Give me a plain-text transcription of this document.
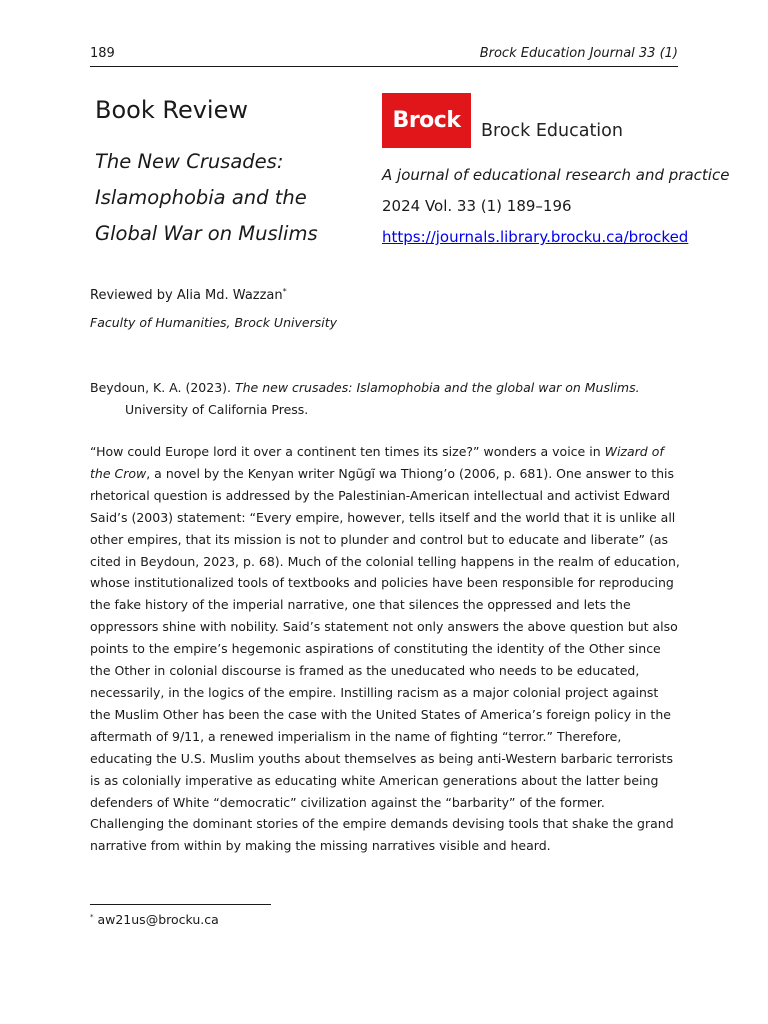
189	Brock Education Journal 33 (1)
Book Review
The New Crusades: Islamophobia and the Global War on Muslims
Brock Brock Education
A journal of educational research and practice
2024 Vol. 33 (1) 189–196
https://journals.library.brocku.ca/brocked
Reviewed by Alia Md. Wazzan*
Faculty of Humanities, Brock University
Beydoun, K. A. (2023). The new crusades: Islamophobia and the global war on Muslims.
University of California Press.

“How could Europe lord it over a continent ten times its size?” wonders a voice in Wizard of the Crow, a novel by the Kenyan writer Ngũgĩ wa Thiong’o (2006, p. 681). One answer to this rhetorical question is addressed by the Palestinian-American intellectual and activist Edward Said’s (2003) statement: “Every empire, however, tells itself and the world that it is unlike all other empires, that its mission is not to plunder and control but to educate and liberate” (as cited in Beydoun, 2023, p. 68). Much of the colonial telling happens in the realm of education, whose institutionalized tools of textbooks and policies have been responsible for reproducing the fake history of the imperial narrative, one that silences the oppressed and lets the oppressors shine with nobility. Said’s statement not only answers the above question but also points to the empire’s hegemonic aspirations of constituting the identity of the Other since the Other in colonial discourse is framed as the uneducated who needs to be educated, necessarily, in the logics of the empire. Instilling racism as a major colonial project against the Muslim Other has been the case with the United States of America’s foreign policy in the aftermath of 9/11, a renewed imperialism in the name of fighting “terror.” Therefore, educating the U.S. Muslim youths about themselves as being anti-Western barbaric terrorists is as colonially imperative as educating white American generations about the latter being defenders of White “democratic” civilization against the “barbarity” of the former. Challenging the dominant stories of the empire demands devising tools that shake the grand narrative from within by making the missing narratives visible and heard.

* aw21us@brocku.ca
